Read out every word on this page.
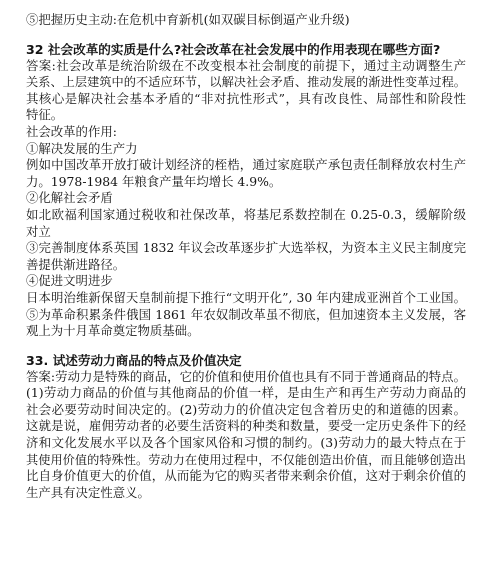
⑤把握历史主动:在危机中育新机(如双碳目标倒逼产业升级)
32 社会改革的实质是什么?社会改革在社会发展中的作用表现在哪些方面?
答案:社会改革是统治阶级在不改变根本社会制度的前提下，通过主动调整生产
关系、上层建筑中的不适应环节，以解决社会矛盾、推动发展的渐进性变革过程。
其核心是解决社会基本矛盾的“非对抗性形式”，具有改良性、局部性和阶段性
特征。
社会改革的作用:
①解决发展的生产力
例如中国改革开放打破计划经济的桎梏，通过家庭联产承包责任制释放农村生产
力。1978-1984 年粮食产量年均增长 4.9%。
②化解社会矛盾
如北欧福利国家通过税收和社保改革，将基尼系数控制在 0.25-0.3，缓解阶级
对立
③完善制度体系英国 1832 年议会改革逐步扩大选举权，为资本主义民主制度完
善提供渐进路径。
④促进文明进步
日本明治维新保留天皇制前提下推行“文明开化”, 30 年内建成亚洲首个工业国。
⑤为革命积累条件俄国 1861 年农奴制改革虽不彻底，但加速资本主义发展，客
观上为十月革命奠定物质基础。
33. 试述劳动力商品的特点及价值决定
答案:劳动力是特殊的商品，它的价值和使用价值也具有不同于普通商品的特点。
(1)劳动力商品的价值与其他商品的价值一样，是由生产和再生产劳动力商品的
社会必要劳动时间决定的。(2)劳动力的价值决定包含着历史的和道德的因素。
这就是说，雇佣劳动者的必要生活资料的种类和数量，要受一定历史条件下的经
济和文化发展水平以及各个国家风俗和习惯的制约。(3)劳动力的最大特点在于
其使用价值的特殊性。劳动力在使用过程中，不仅能创造出价值，而且能够创造出
比自身价值更大的价值，从而能为它的购买者带来剩余价值，这对于剩余价值的
生产具有决定性意义。
